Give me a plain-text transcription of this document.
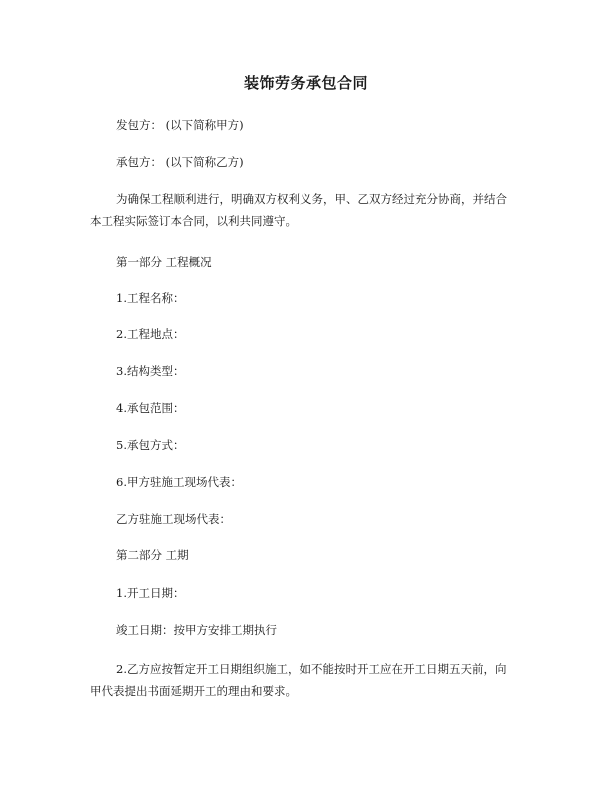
装饰劳务承包合同
发包方： (以下简称甲方)
承包方： (以下简称乙方)
为确保工程顺利进行，明确双方权利义务，甲、乙双方经过充分协商，并结合
本工程实际签订本合同，以利共同遵守。
第一部分 工程概况
1.工程名称：
2.工程地点：
3.结构类型：
4.承包范围：
5.承包方式：
6.甲方驻施工现场代表：
乙方驻施工现场代表：
第二部分 工期
1.开工日期：
竣工日期：按甲方安排工期执行
2.乙方应按暂定开工日期组织施工，如不能按时开工应在开工日期五天前，向
甲代表提出书面延期开工的理由和要求。
